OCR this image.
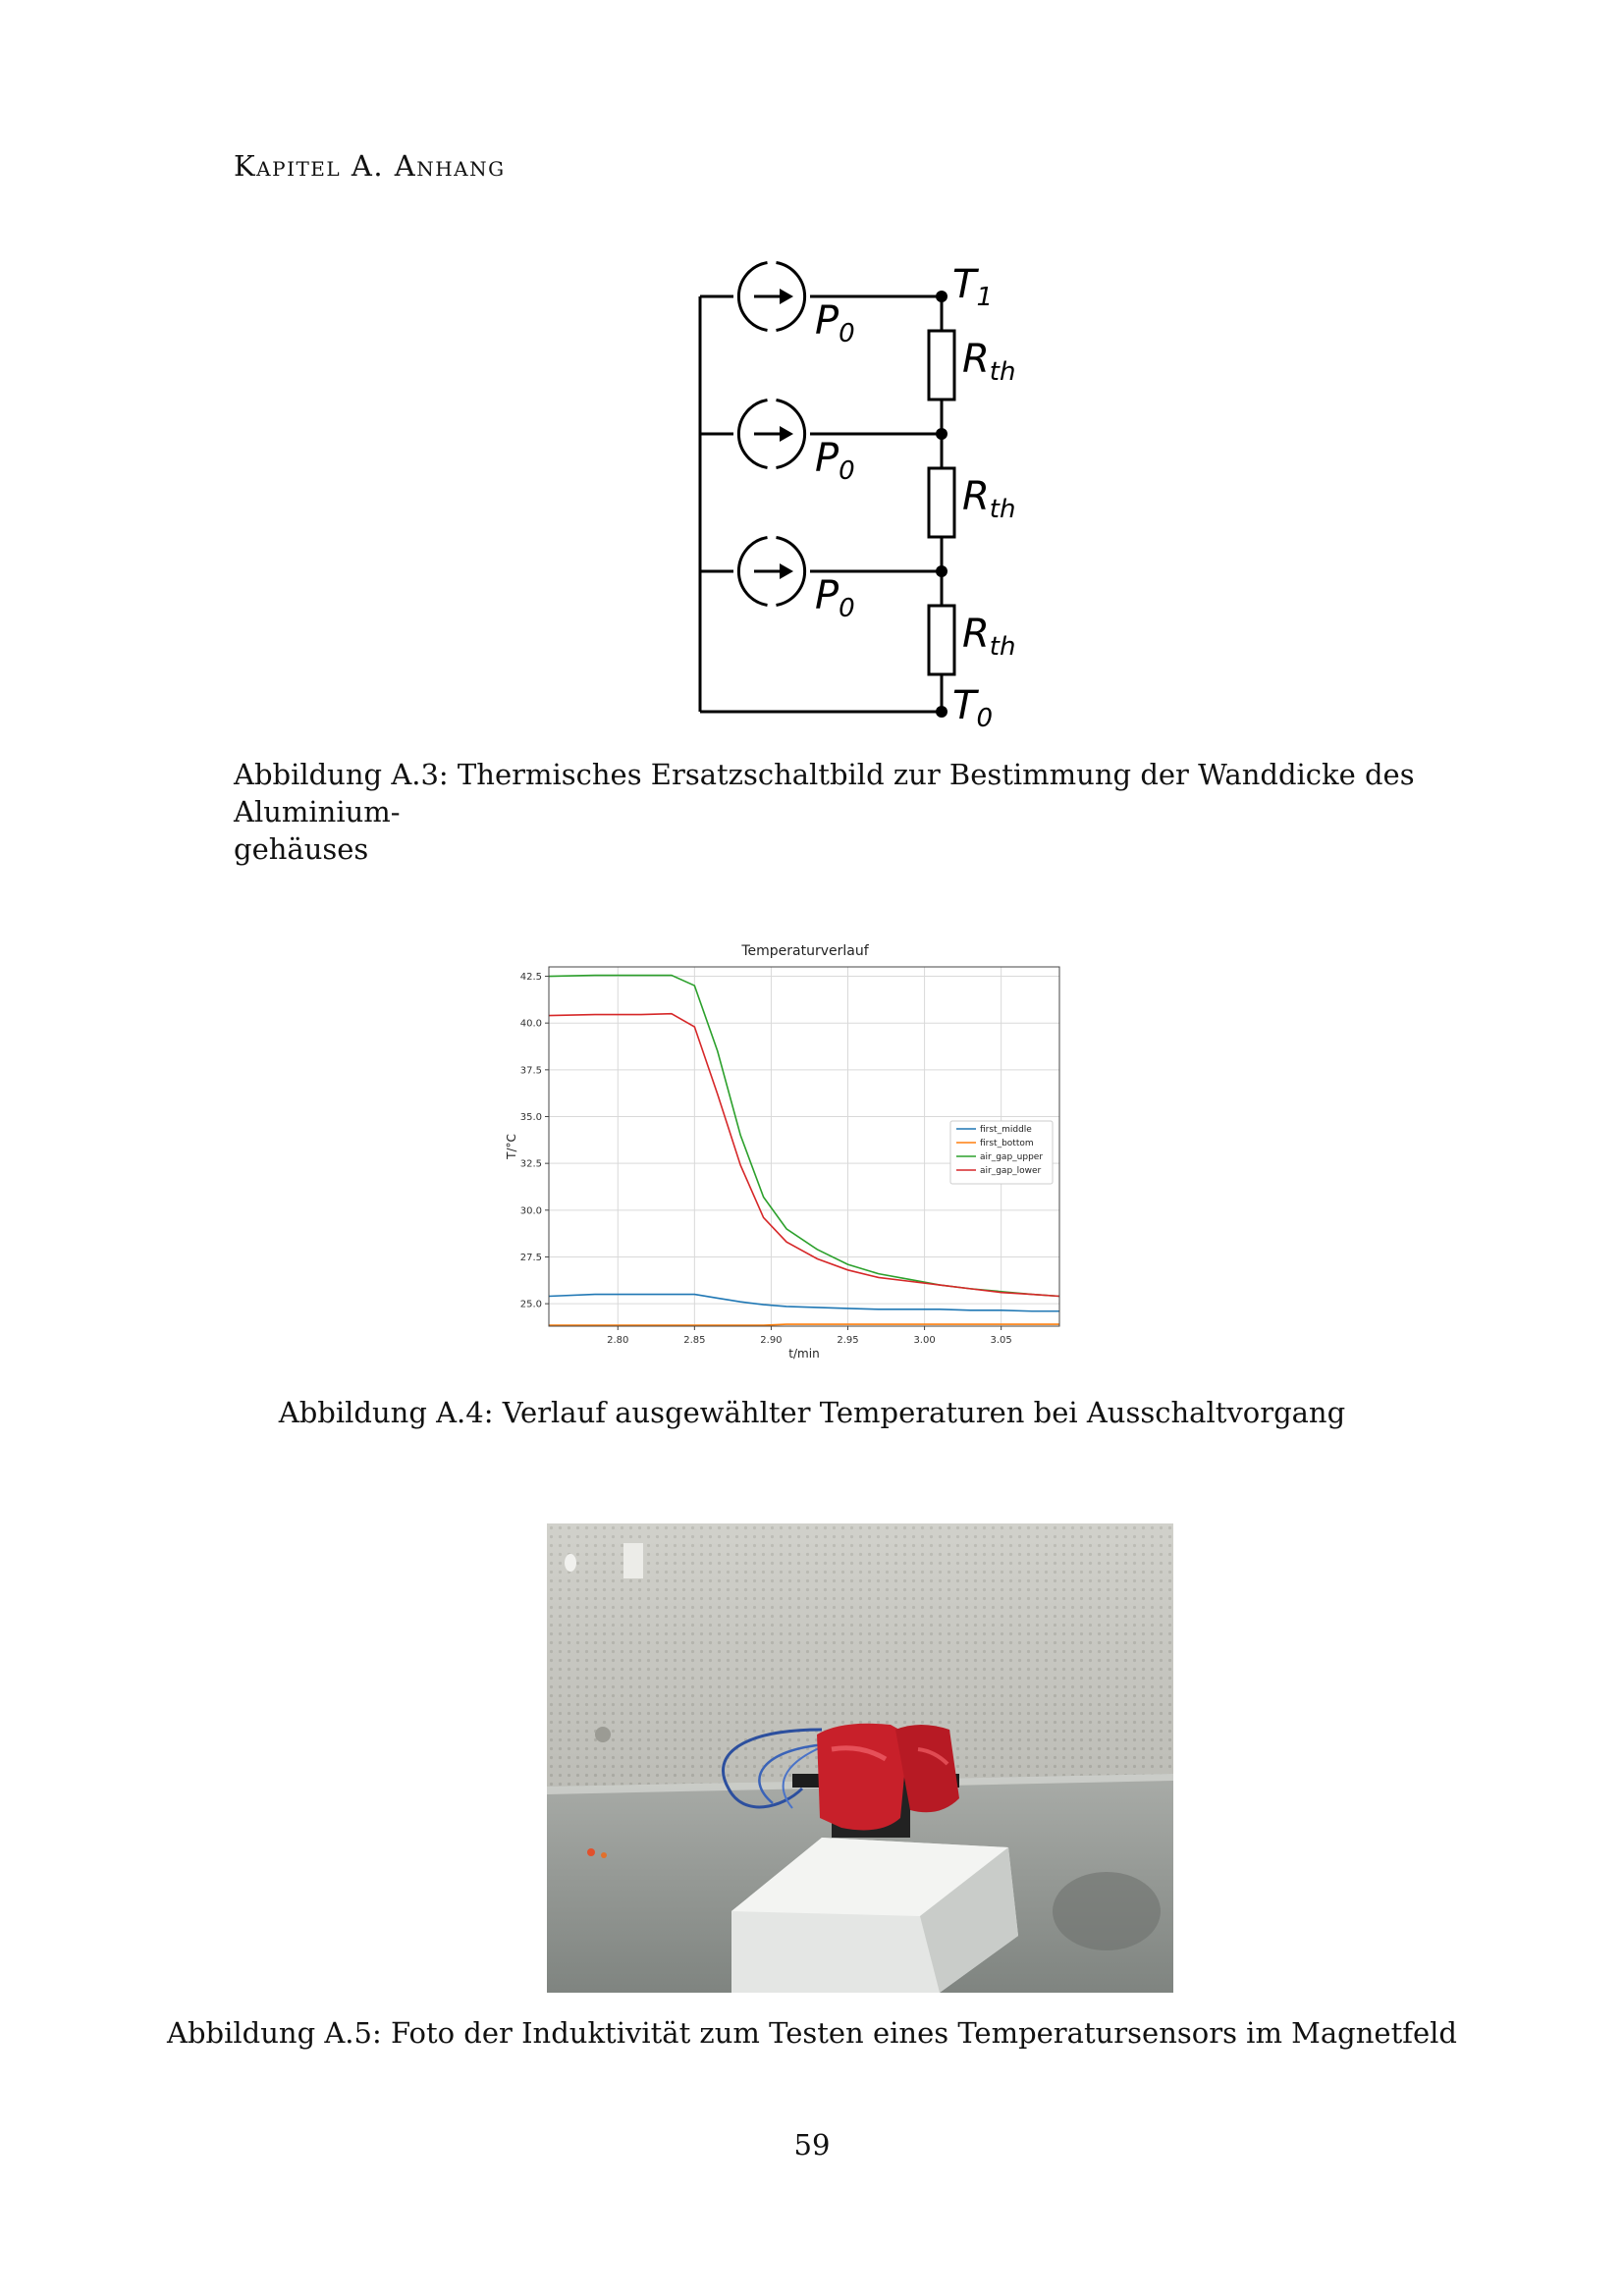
Kapitel A. Anhang
T1
T0
P0
P0
P0
Rth
Rth
Rth
Abbildung A.3: Thermisches Ersatzschaltbild zur Bestimmung der Wanddicke des Aluminium-
gehäuses
Temperaturverlauf
2.80	2.85	2.90	2.95	3.00	3.05
25.0
27.5
30.0
32.5
35.0
37.5
40.0
42.5
T/°C
t/min
first_middle
first_bottom
air_gap_upper
air_gap_lower
Abbildung A.4: Verlauf ausgewählter Temperaturen bei Ausschaltvorgang
Abbildung A.5: Foto der Induktivität zum Testen eines Temperatursensors im Magnetfeld
59
